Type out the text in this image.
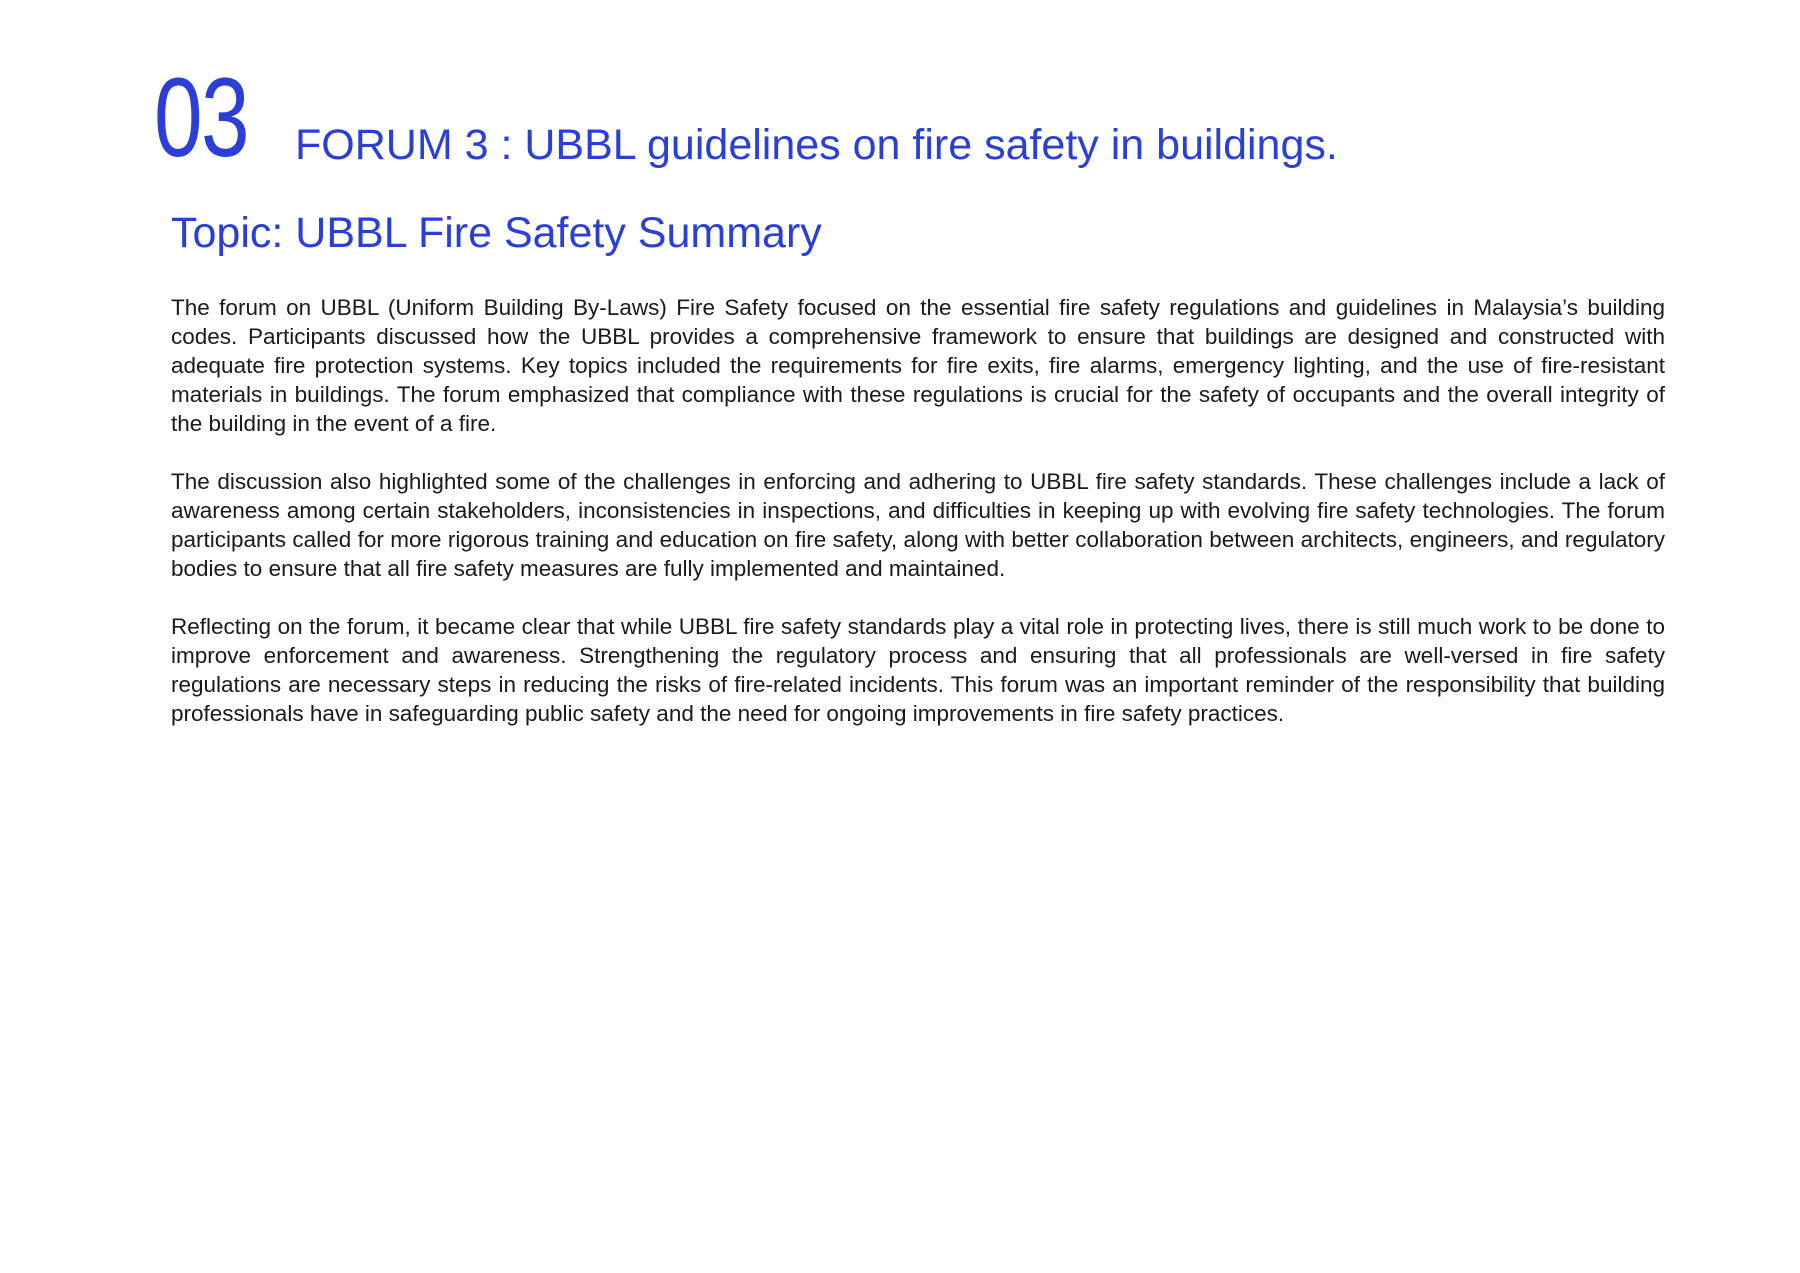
03 FORUM 3 : UBBL guidelines on fire safety in buildings.
Topic: UBBL Fire Safety Summary

The forum on UBBL (Uniform Building By-Laws) Fire Safety focused on the essential fire safety regulations and guidelines in Malaysia’s building codes. Participants discussed how the UBBL provides a comprehensive framework to ensure that buildings are designed and constructed with adequate fire protection systems. Key topics included the requirements for fire exits, fire alarms, emergency lighting, and the use of fire-resistant materials in buildings. The forum emphasized that compliance with these regulations is crucial for the safety of occupants and the overall integrity of the building in the event of a fire.

The discussion also highlighted some of the challenges in enforcing and adhering to UBBL fire safety standards. These challenges include a lack of awareness among certain stakeholders, inconsistencies in inspections, and difficulties in keeping up with evolving fire safety technologies. The forum participants called for more rigorous training and education on fire safety, along with better collaboration between architects, engineers, and regulatory bodies to ensure that all fire safety measures are fully implemented and maintained.

Reflecting on the forum, it became clear that while UBBL fire safety standards play a vital role in protecting lives, there is still much work to be done to improve enforcement and awareness. Strengthening the regulatory process and ensuring that all professionals are well-versed in fire safety regulations are necessary steps in reducing the risks of fire-related incidents. This forum was an important reminder of the responsibility that building professionals have in safeguarding public safety and the need for ongoing improvements in fire safety practices.
